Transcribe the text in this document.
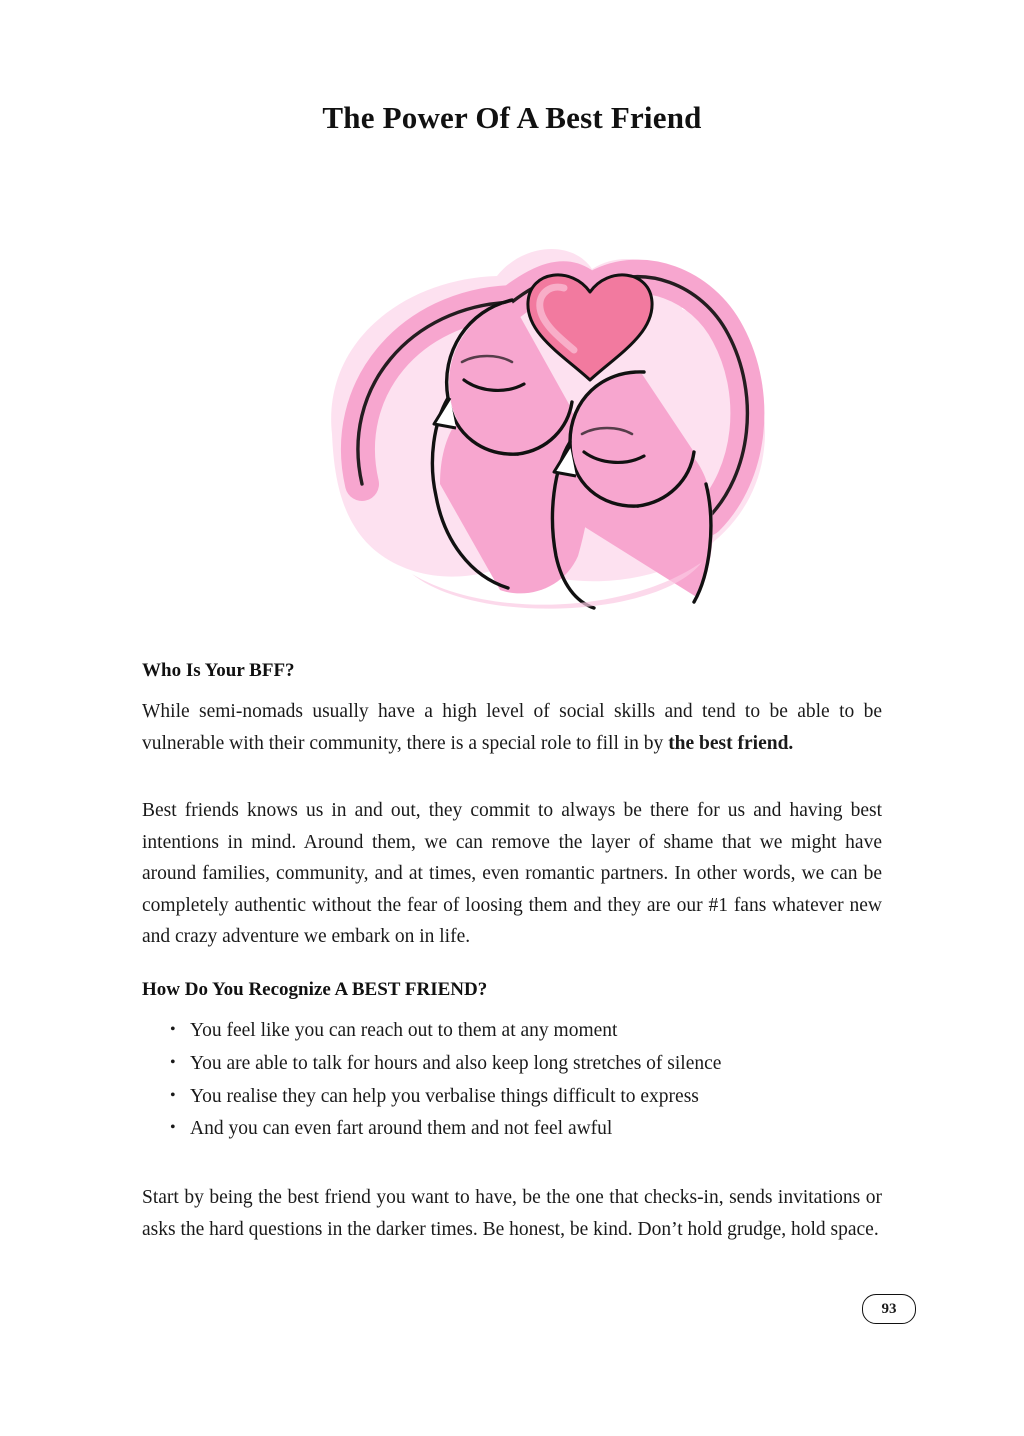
The Power Of A Best Friend
Who Is Your BFF?

While semi-nomads usually have a high level of social skills and tend to be able to be vulnerable with their community, there is a special role to fill in by the best friend.

Best friends knows us in and out, they commit to always be there for us and having best intentions in mind. Around them, we can remove the layer of shame that we might have around families, community, and at times, even romantic partners. In other words, we can be completely authentic without the fear of loosing them and they are our #1 fans whatever new and crazy adventure we embark on in life.

How Do You Recognize A BEST FRIEND?
• You feel like you can reach out to them at any moment
• You are able to talk for hours and also keep long stretches of silence
• You realise they can help you verbalise things difficult to express
• And you can even fart around them and not feel awful

Start by being the best friend you want to have, be the one that checks-in, sends invitations or asks the hard questions in the darker times. Be honest, be kind. Don’t hold grudge, hold space.

93
